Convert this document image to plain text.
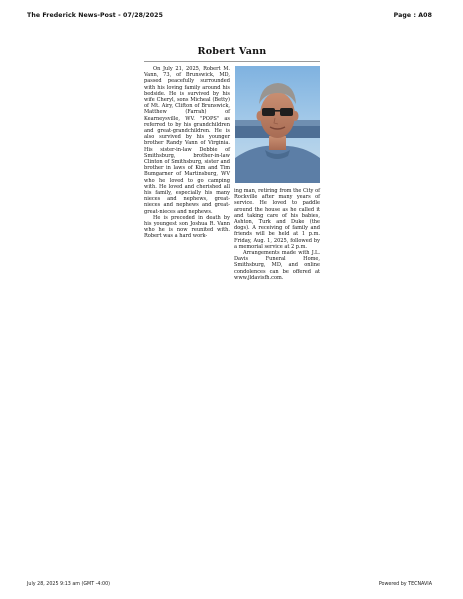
The Frederick News-Post - 07/28/2025	Page : A08
Robert Vann

On July 21, 2025, Robert M. Vann, 73, of Brunswick, MD, passed peacefully surrounded with his loving family around his bedside. He is survived by his wife Cheryl, sons Micheal (Betty) of Mt. Airy, Clifton of Brunswick, Matthew (Farrah) of Kearneysville, WV. "POPS" as referred to by his grandchildren and great-grandchildren. He is also survived by his younger brother Randy Vann of Virginia. His sister-in-law Debbie of Smithsburg, brother-in-law Clinton of Smithsburg, sister and brother in laws of Kim and Tim Bumgarner of Martinsburg, WV who he loved to go camping with. He loved and cherished all his family, especially his many nieces and nephews, great-nieces and nephews and great-great-nieces and nephews.

He is preceded in death by his youngest son Joshua R. Vann who he is now reunited with. Robert was a hard work-

ing man, retiring from the City of Rockville after many years of service. He loved to paddle around the house as he called it and taking care of his babies, Ashton, Turk and Duke (the dogs). A receiving of family and friends will be held at 1 p.m. Friday, Aug. 1, 2025, followed by a memorial service at 2 p.m.

Arrangements made with J.L. Davis Funeral Home, Smithsburg, MD, and online condolences can be offered at www.jldavisfh.com.

July 28, 2025 9:13 am (GMT -4:00)	Powered by TECNAVIA
